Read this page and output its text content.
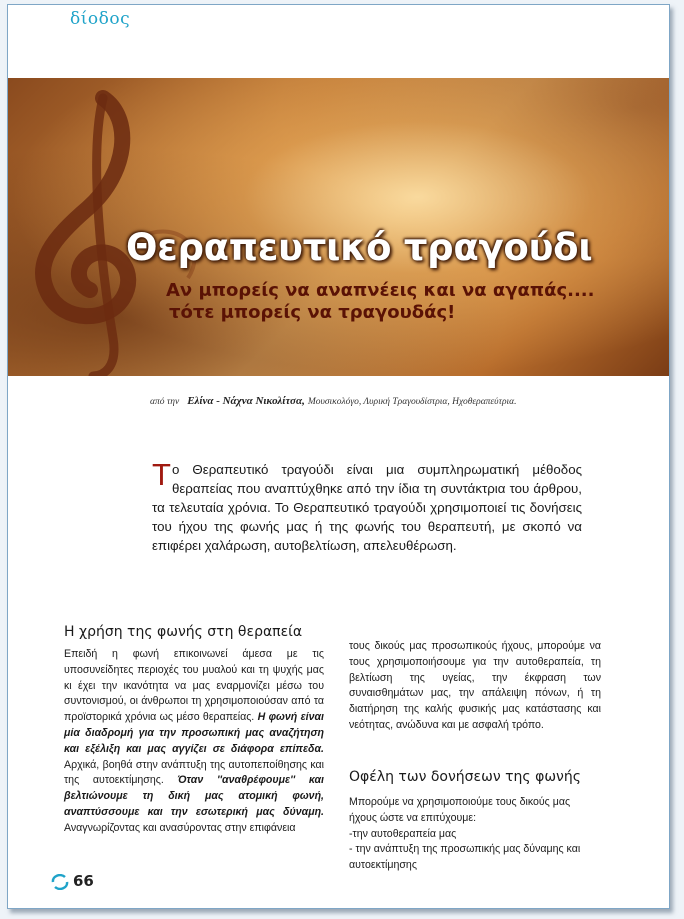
δίοδος
Θεραπευτικό τραγούδι
Αν μπορείς να αναπνέεις και να αγαπάς....
τότε μπορείς να τραγουδάς!
από την Ελίνα - Νάχνα Νικολίτσα, Μουσικολόγο, Λυρική Τραγουδίστρια, Ηχοθεραπεύτρια.
Τ ο Θεραπευτικό τραγούδι είναι μια συμπληρωματική μέθοδος θεραπείας που αναπτύχθηκε από την ίδια τη συντάκτρια του άρθρου, τα τελευταία χρόνια. Το Θεραπευτικό τραγούδι χρησιμοποιεί τις δονήσεις του ήχου της φωνής μας ή της φωνής του θεραπευτή, με σκοπό να επιφέρει χαλάρωση, αυτοβελτίωση, απελευθέρωση.

Η χρήση της φωνής στη θεραπεία
Επειδή η φωνή επικοινωνεί άμεσα με τις υποσυνείδητες περιοχές του μυαλού και τη ψυχής μας κι έχει την ικανότητα να μας εναρμονίζει μέσω του συντονισμού, οι άνθρωποι τη χρησιμοποιούσαν από τα προϊστορικά χρόνια ως μέσο θεραπείας. Η φωνή είναι μία διαδρομή για την προσωπική μας αναζήτηση και εξέλιξη και μας αγγίζει σε διάφορα επίπεδα. Αρχικά, βοηθά στην ανάπτυξη της αυτοπεποίθησης και της αυτοεκτίμησης. Όταν ''αναθρέφουμε'' και βελτιώνουμε τη δική μας ατομική φωνή, αναπτύσσουμε και την εσωτερική μας δύναμη. Αναγνωρίζοντας και ανασύροντας στην επιφάνεια
τους δικούς μας προσωπικούς ήχους, μπορούμε να τους χρησιμοποιήσουμε για την αυτοθεραπεία, τη βελτίωση της υγείας, την έκφραση των συναισθημάτων μας, την απάλειψη πόνων, ή τη διατήρηση της καλής φυσικής μας κατάστασης και νεότητας, ανώδυνα και με ασφαλή τρόπο.
Οφέλη των δονήσεων της φωνής
Μπορούμε να χρησιμοποιούμε τους δικούς μας
ήχους ώστε να επιτύχουμε:
-την αυτοθεραπεία μας
- την ανάπτυξη της προσωπικής μας δύναμης και
αυτοεκτίμησης
66
